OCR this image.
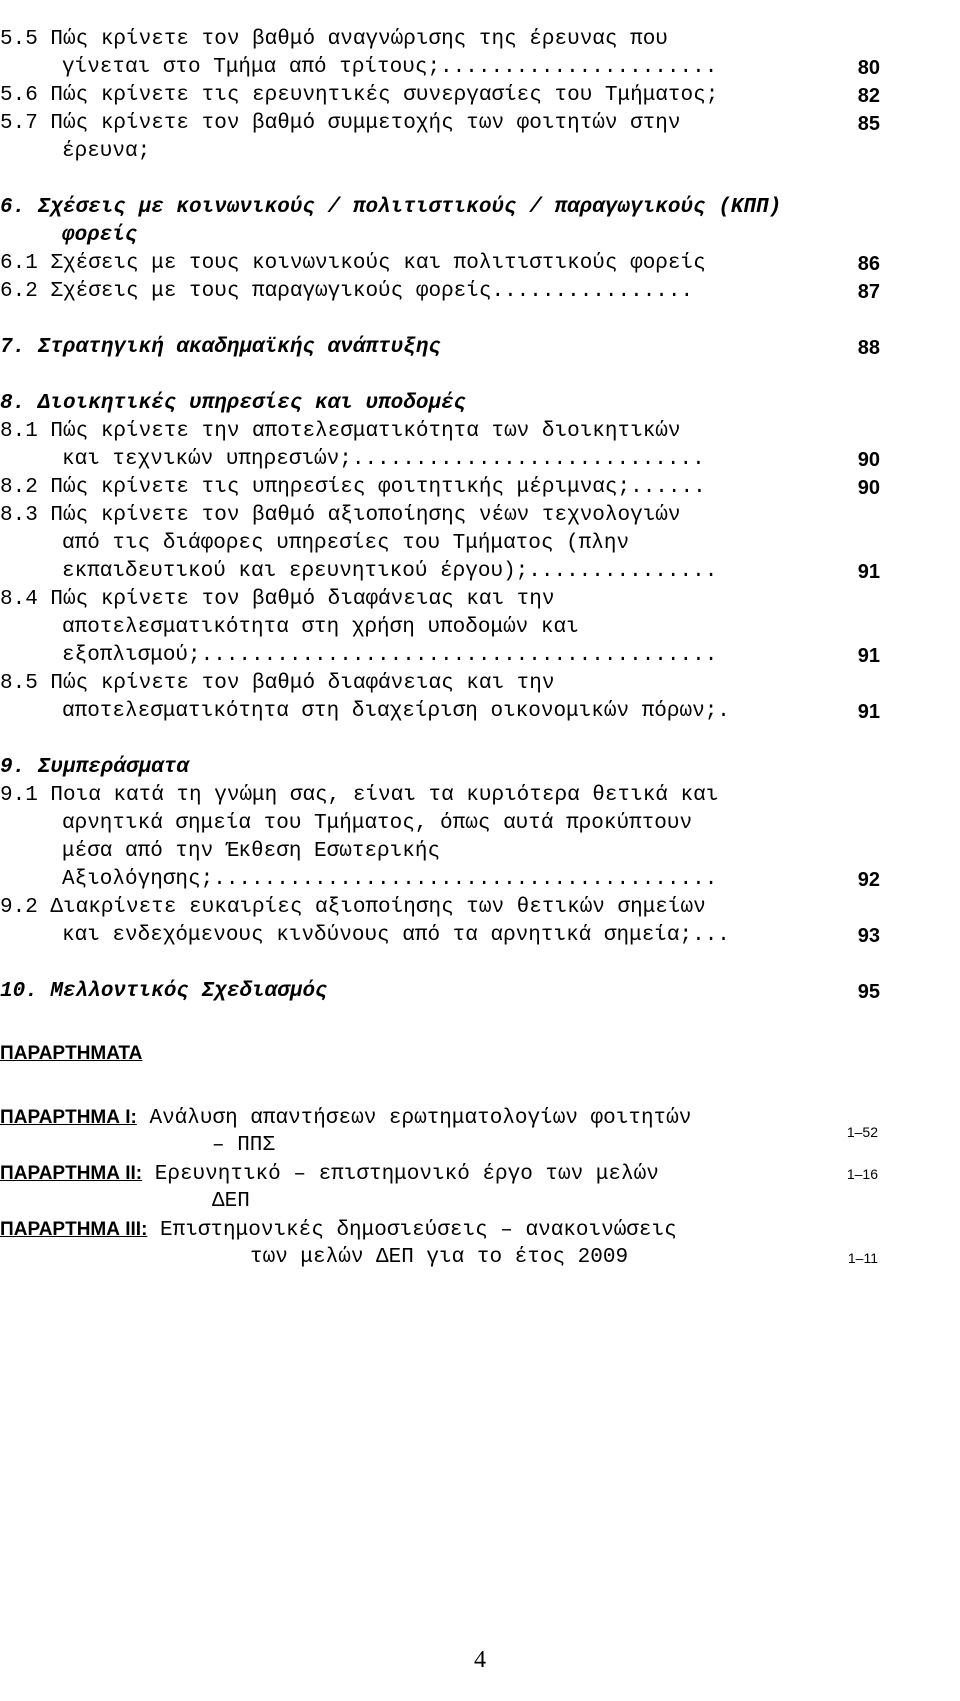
5.5 Πώς κρίνετε τον βαθμό αναγνώρισης της έρευνας που
γίνεται στο Τμήμα από τρίτους;......................	80
5.6 Πώς κρίνετε τις ερευνητικές συνεργασίες του Τμήματος;	82
5.7 Πώς κρίνετε τον βαθμό συμμετοχής των φοιτητών στην	85
έρευνα;
6. Σχέσεις με κοινωνικούς / πολιτιστικούς / παραγωγικούς (ΚΠΠ)
φορείς
6.1 Σχέσεις με τους κοινωνικούς και πολιτιστικούς φορείς	86
6.2 Σχέσεις με τους παραγωγικούς φορείς................	87
7. Στρατηγική ακαδημαϊκής ανάπτυξης	88
8. Διοικητικές υπηρεσίες και υποδομές
8.1 Πώς κρίνετε την αποτελεσματικότητα των διοικητικών
και τεχνικών υπηρεσιών;............................	90
8.2 Πώς κρίνετε τις υπηρεσίες φοιτητικής μέριμνας;......	90
8.3 Πώς κρίνετε τον βαθμό αξιοποίησης νέων τεχνολογιών
από τις διάφορες υπηρεσίες του Τμήματος (πλην
εκπαιδευτικού και ερευνητικού έργου);...............	91
8.4 Πώς κρίνετε τον βαθμό διαφάνειας και την
αποτελεσματικότητα στη χρήση υποδομών και
εξοπλισμού;.........................................	91
8.5 Πώς κρίνετε τον βαθμό διαφάνειας και την
αποτελεσματικότητα στη διαχείριση οικονομικών πόρων;.	91
9. Συμπεράσματα
9.1 Ποια κατά τη γνώμη σας, είναι τα κυριότερα θετικά και
αρνητικά σημεία του Τμήματος, όπως αυτά προκύπτουν
μέσα από την Έκθεση Εσωτερικής
Αξιολόγησης;........................................	92
9.2 Διακρίνετε ευκαιρίες αξιοποίησης των θετικών σημείων
και ενδεχόμενους κινδύνους από τα αρνητικά σημεία;...	93
10. Μελλοντικός Σχεδιασμός	95
ΠΑΡΑΡΤΗΜΑΤΑ
ΠΑΡΑΡΤΗΜΑ Ι: Ανάλυση απαντήσεων ερωτηματολογίων φοιτητών
– ΠΠΣ
1–52
ΠΑΡΑΡΤΗΜΑ ΙΙ: Ερευνητικό – επιστημονικό έργο των μελών
ΔΕΠ
1–16
ΠΑΡΑΡΤΗΜΑ ΙΙΙ: Επιστημονικές δημοσιεύσεις – ανακοινώσεις
των μελών ΔΕΠ για το έτος 2009	1–11
4
